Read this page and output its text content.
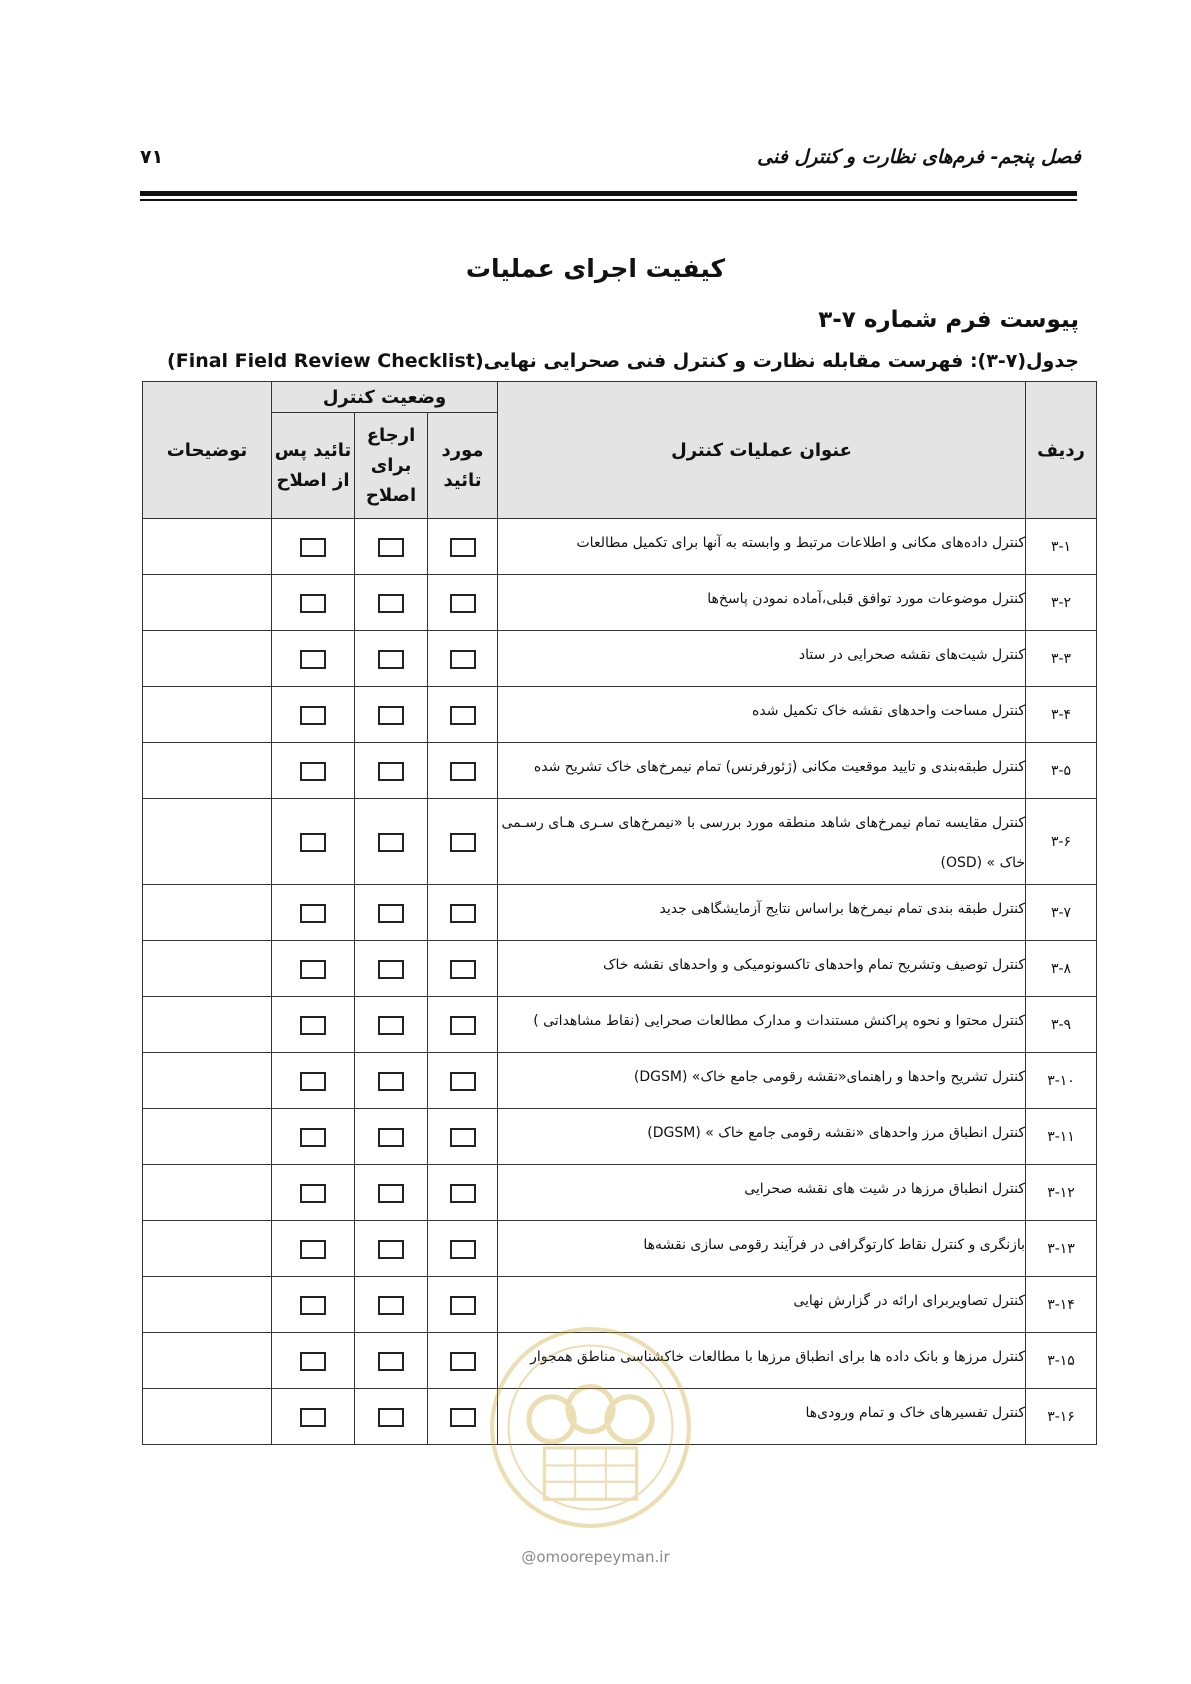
فصل پنجم- فرم‌های نظارت و کنترل فنی
۷۱
کیفیت اجرای عملیات
پیوست فرم شماره ۷-۳
جدول(۷-۳): فهرست مقابله نظارت و کنترل فنی صحرایی نهایی(Final Field Review Checklist)
ردیف	عنوان عملیات کنترل	وضعیت کنترل			توضیحات
		مورد تائید	ارجاع برای اصلاح	تائید پس از اصلاح	
۳-۱	کنترل داده‌های مکانی و اطلاعات مرتبط و وابسته به آنها برای تکمیل مطالعات				

۳-۲	کنترل موضوعات مورد توافق قبلی،آماده نمودن پاسخ‌ها				

۳-۳	کنترل شیت‌های نقشه صحرایی در ستاد				

۳-۴	کنترل مساحت واحدهای نقشه خاک تکمیل شده				

۳-۵	کنترل طبقه‌بندی و تایید موقعیت مکانی (ژئورفرنس) تمام نیمرخ‌های خاک تشریح شده				

۳-۶	کنترل مقایسه تمام نیمرخ‌های شاهد منطقه مورد بررسی با «نیمرخ‌های سـری هـای رسـمی خاک » (OSD)				

۳-۷	کنترل طبقه بندی تمام نیمرخ‌ها براساس نتایج آزمایشگاهی جدید				

۳-۸	کنترل توصیف وتشریح تمام واحدهای تاکسونومیکی و واحدهای نقشه خاک				

۳-۹	کنترل محتوا و نحوه پراکنش مستندات و مدارک مطالعات صحرایی (نقاط مشاهداتی )				

۳-۱۰	کنترل تشریح واحدها و راهنمای«نقشه رقومی جامع خاک» (DGSM)				

۳-۱۱	کنترل انطباق مرز واحدهای «نقشه رقومی جامع خاک » (DGSM)				

۳-۱۲	کنترل انطباق مرزها در شیت های نقشه صحرایی				

۳-۱۳	بازنگری و کنترل نقاط کارتوگرافی در فرآیند رقومی سازی نقشه‌ها				

۳-۱۴	کنترل تصاویربرای ارائه در گزارش نهایی				

۳-۱۵	کنترل مرزها و بانک داده ها برای انطباق مرزها با مطالعات خاکشناسی مناطق همجوار				

۳-۱۶	کنترل تفسیرهای خاک و تمام ورودی‌ها				

@omoorepeyman.ir
